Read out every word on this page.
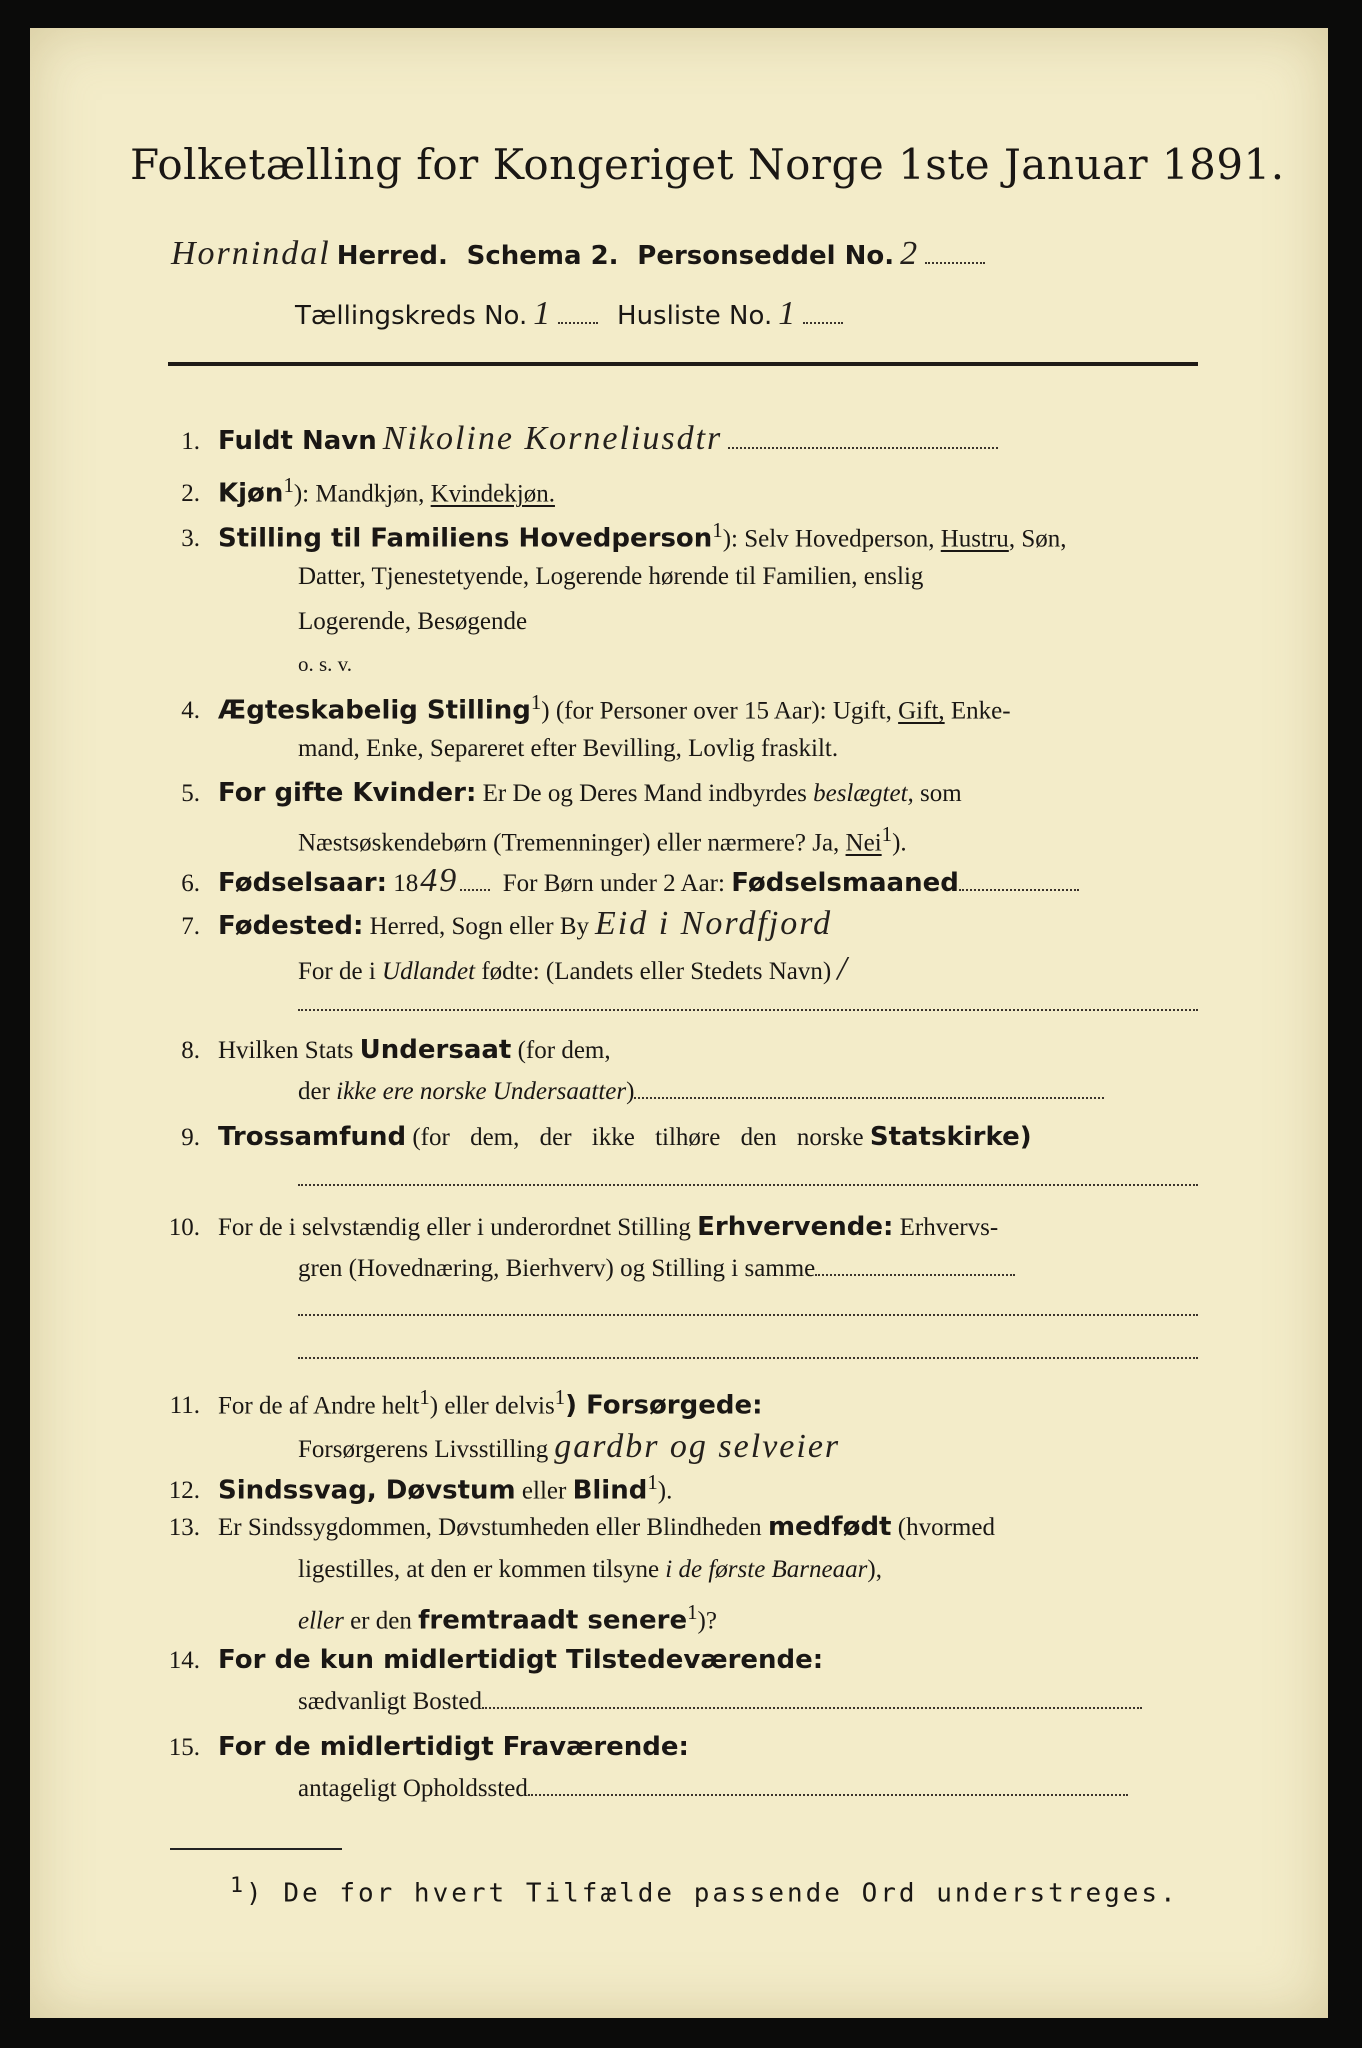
Folketælling for Kongeriget Norge 1ste Januar 1891.
Hornindal Herred. Schema 2. Personseddel No. 2
Tællingskreds No. 1 Husliste No. 1
1. Fuldt Navn Nikoline Korneliusdtr
2. Kjøn$^1$): Mandkjøn, Kvindekjøn.
3. Stilling til Familiens Hovedperson$^1$): Selv Hovedperson, Hustru, Søn,
Datter, Tjenestetyende, Logerende hørende til Familien, enslig
Logerende, Besøgende
o. s. v.
4. Ægteskabelig Stilling$^1$) (for Personer over 15 Aar): Ugift, Gift, Enke-
mand, Enke, Separeret efter Bevilling, Lovlig fraskilt.
5. For gifte Kvinder: Er De og Deres Mand indbyrdes beslægtet, som
Næstsøskendebørn (Tremenninger) eller nærmere? Ja, Nei$^1$).
6. Fødselsaar: 1849 For Børn under 2 Aar: Fødselsmaaned
7. Fødested: Herred, Sogn eller By Eid i Nordfjord
For de i Udlandet fødte: (Landets eller Stedets Navn) /
8. Hvilken Stats Undersaat (for dem,
der ikke ere norske Undersaatter)
9. Trossamfund (for dem, der ikke tilhøre den norske Statskirke)
10. For de i selvstændig eller i underordnet Stilling Erhvervende: Erhvervs-
gren (Hovednæring, Bierhverv) og Stilling i samme
11. For de af Andre helt$^1$) eller delvis$^1$) Forsørgede:
Forsørgerens Livsstilling gardbr og selveier
12. Sindssvag, Døvstum eller Blind$^1$).
13. Er Sindssygdommen, Døvstumheden eller Blindheden medfødt (hvormed
ligestilles, at den er kommen tilsyne i de første Barneaar),
eller er den fremtraadt senere$^1$)?
14. For de kun midlertidigt Tilstedeværende:
sædvanligt Bosted
15. For de midlertidigt Fraværende:
antageligt Opholdssted
$^1$) De for hvert Tilfælde passende Ord understreges.
